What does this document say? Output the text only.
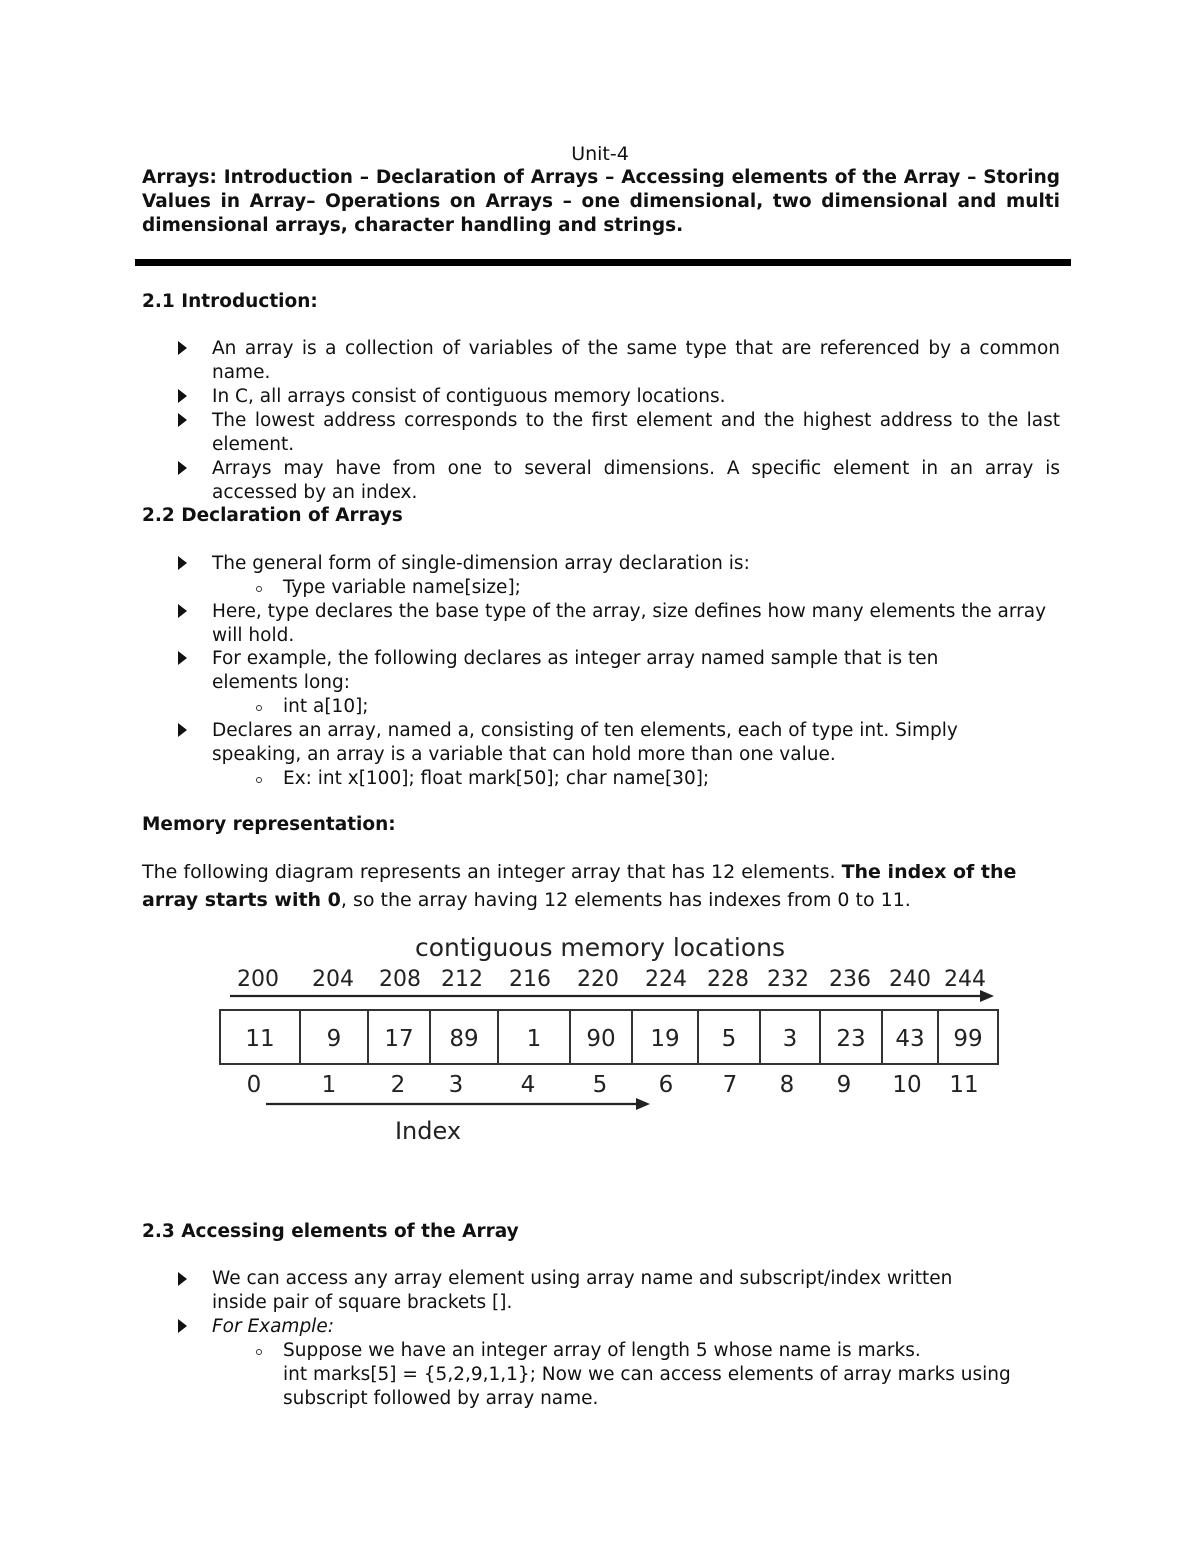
Unit-4
Arrays: Introduction – Declaration of Arrays – Accessing elements of the Array – Storing Values in Array– Operations on Arrays – one dimensional, two dimensional and multi dimensional arrays, character handling and strings.
2.1 Introduction:
An array is a collection of variables of the same type that are referenced by a common name.
In C, all arrays consist of contiguous memory locations.
The lowest address corresponds to the first element and the highest address to the last element.
Arrays may have from one to several dimensions. A specific element in an array is accessed by an index.
2.2 Declaration of Arrays
The general form of single-dimension array declaration is:
Type variable name[size];
Here, type declares the base type of the array, size defines how many elements the array will hold.
For example, the following declares as integer array named sample that is ten elements long:
int a[10];
Declares an array, named a, consisting of ten elements, each of type int. Simply speaking, an array is a variable that can hold more than one value.
Ex: int x[100]; float mark[50]; char name[30];
Memory representation:
The following diagram represents an integer array that has 12 elements. The index of the array starts with 0, so the array having 12 elements has indexes from 0 to 11.
contiguous memory locations
200 204 208 212 216 220 224 228 232 236 240 244
11 9 17 89 1 90 19 5 3 23 43 99
0	1 2 3 4 5 6 7 8 9 10 11
Index
2.3 Accessing elements of the Array
We can access any array element using array name and subscript/index written inside pair of square brackets [].
For Example:
Suppose we have an integer array of length 5 whose name is marks.
int marks[5] = {5,2,9,1,1}; Now we can access elements of array marks using subscript followed by array name.
